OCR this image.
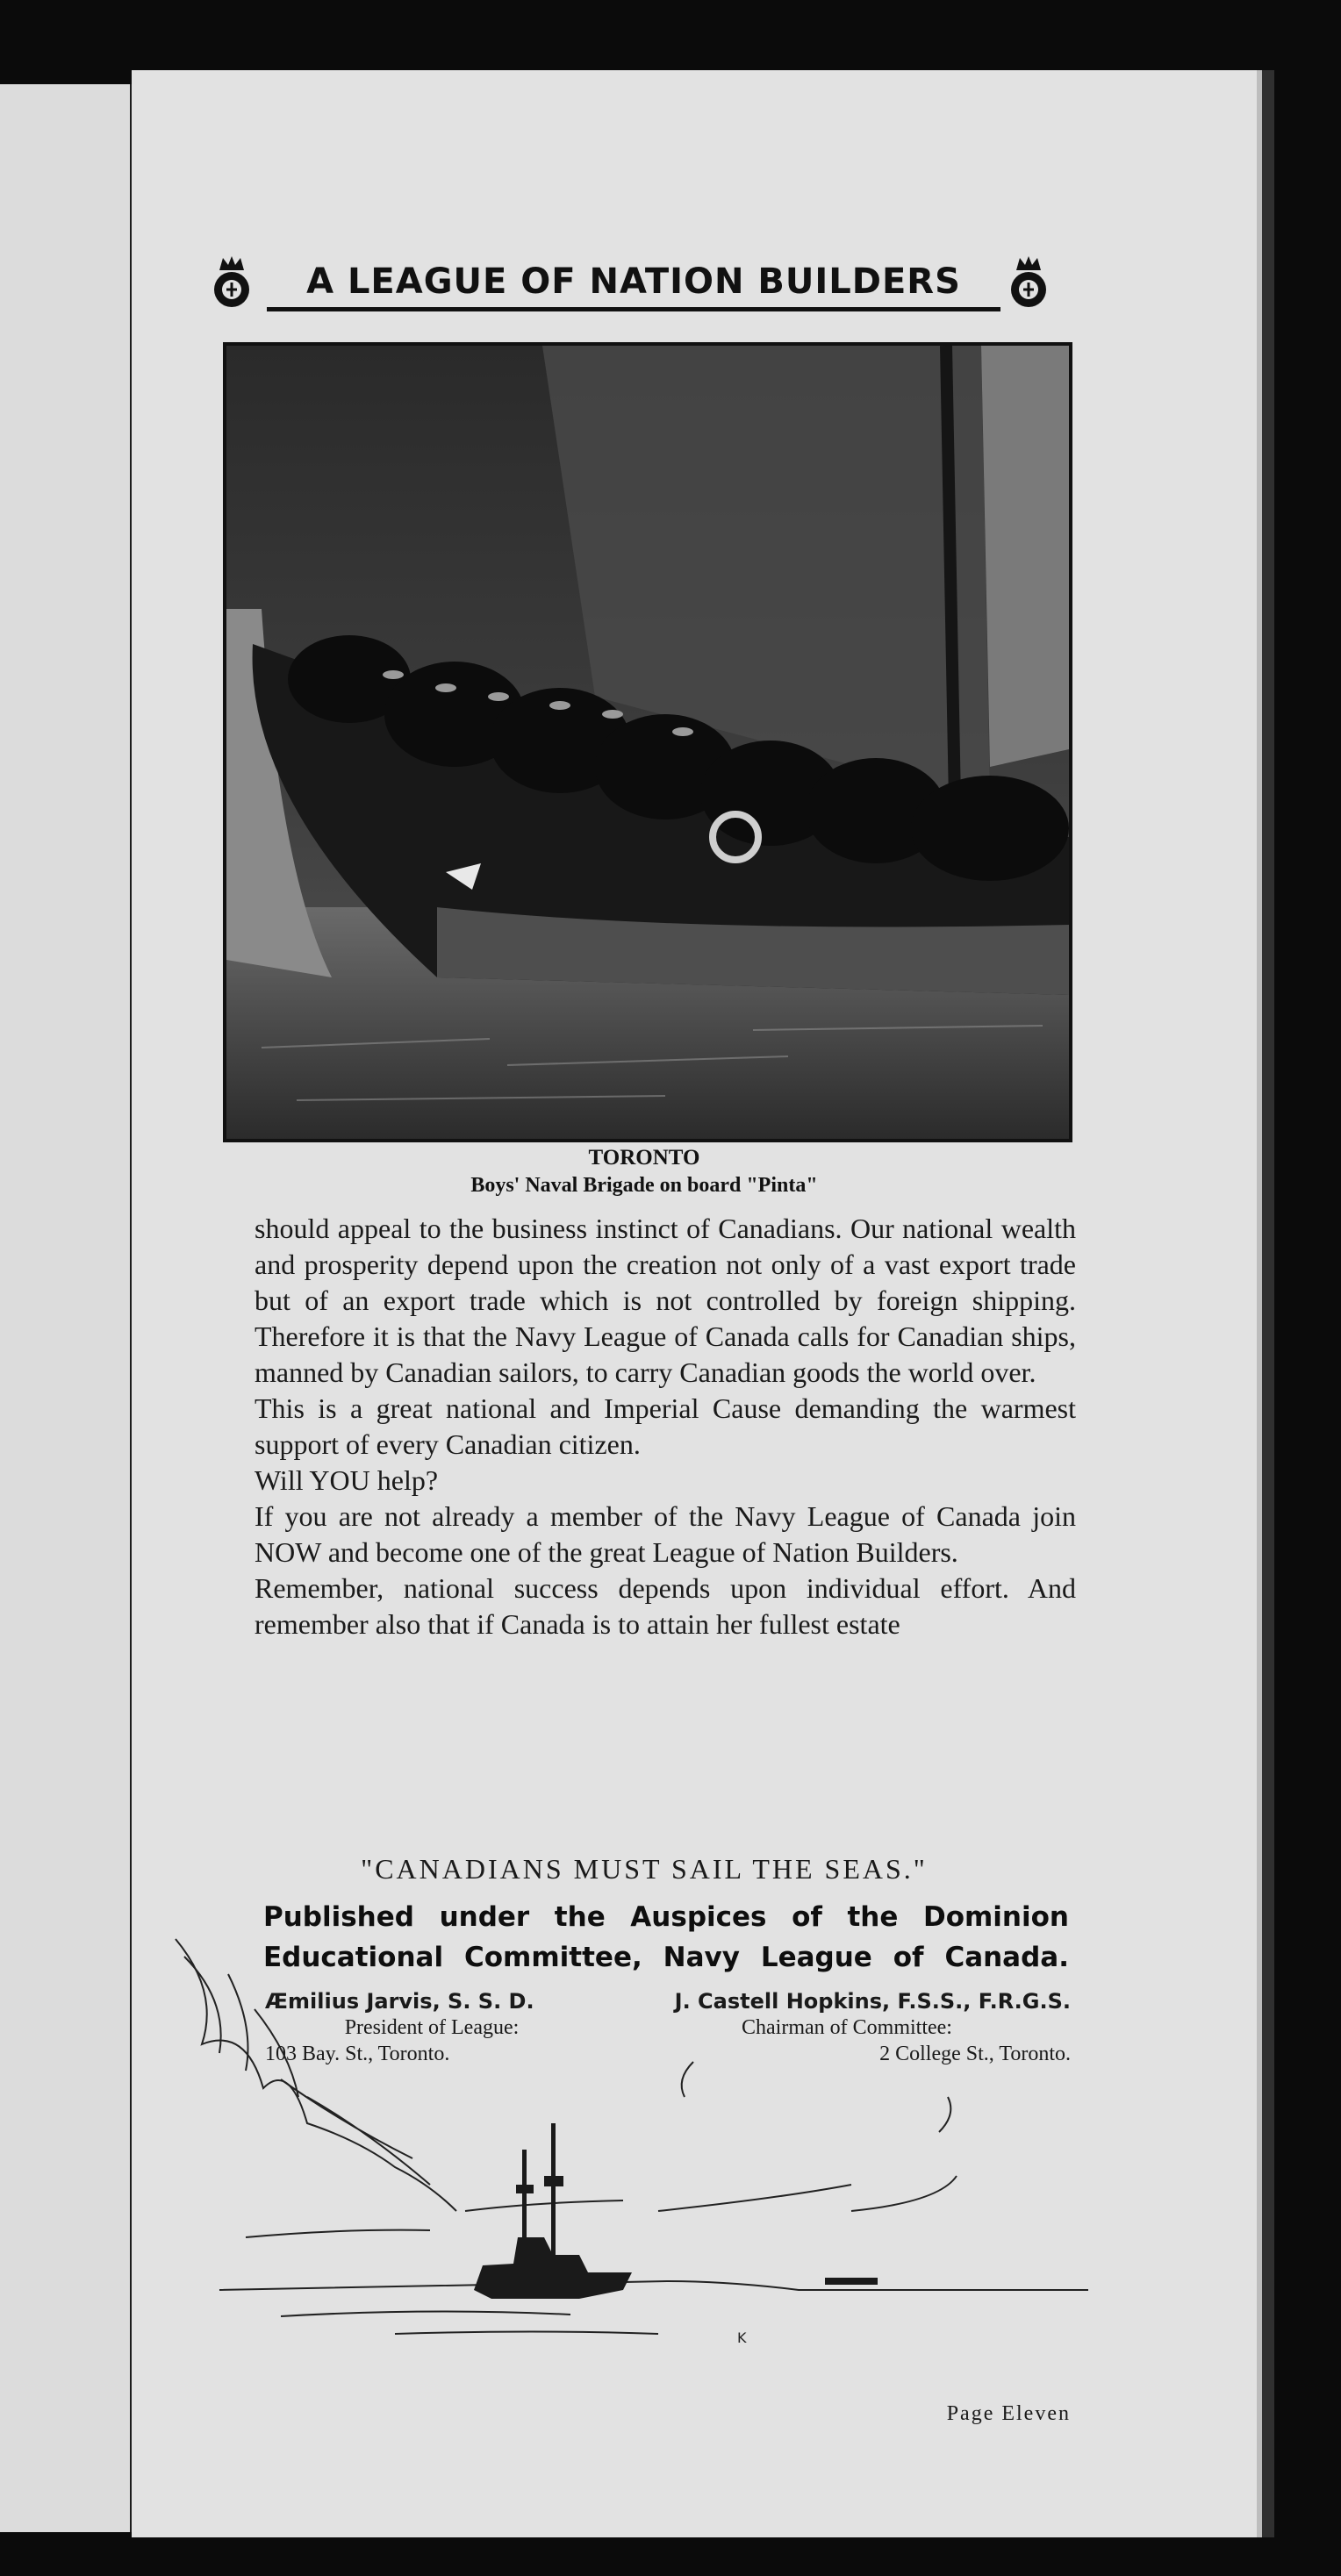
A LEAGUE OF NATION BUILDERS
TORONTO
Boys' Naval Brigade on board "Pinta"

should appeal to the business instinct of Canadians. Our national wealth and prosperity depend upon the creation not only of a vast export trade but of an export trade which is not controlled by foreign shipping. Therefore it is that the Navy League of Canada calls for Canadian ships, manned by Canadian sailors, to carry Canadian goods the world over.

This is a great national and Imperial Cause demanding the warmest support of every Canadian citizen.

Will YOU help?

If you are not already a member of the Navy League of Canada join NOW and become one of the great League of Nation Builders.

Remember, national success depends upon individual effort. And remember also that if Canada is to attain her fullest estate

"CANADIANS MUST SAIL THE SEAS."
K
Published under the Auspices of the Dominion Educational Committee, Navy League of Canada.
Æmilius Jarvis, S. S. D.
President of League:
103 Bay. St., Toronto.
J. Castell Hopkins, F.S.S., F.R.G.S.
Chairman of Committee:
2 College St., Toronto.
Page Eleven
